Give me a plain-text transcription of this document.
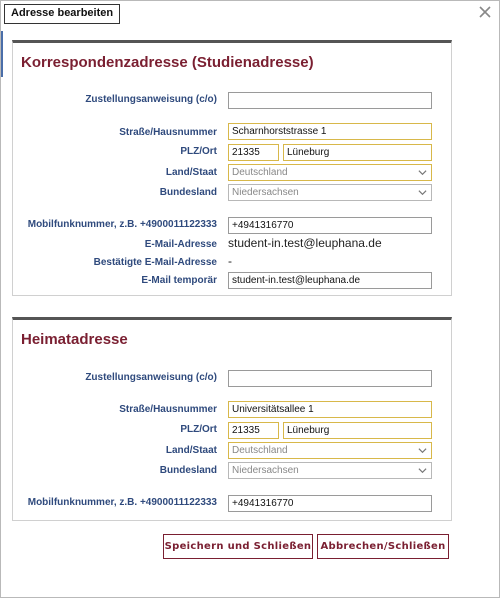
Adresse bearbeiten
Korrespondenzadresse (Studienadresse)
Zustellungsanweisung (c/o)
Straße/Hausnummer	Scharnhorststrasse 1
PLZ/Ort	21335	Lüneburg
Land/Staat	Deutschland
Bundesland	Niedersachsen
Mobilfunknummer, z.B. +4900011122333	+4941316770
E-Mail-Adresse student-in.test@leuphana.de
Bestätigte E-Mail-Adresse -
E-Mail temporär	student-in.test@leuphana.de
Heimatadresse
Zustellungsanweisung (c/o)
Straße/Hausnummer	Universitätsallee 1
PLZ/Ort	21335	Lüneburg
Land/Staat	Deutschland
Bundesland	Niedersachsen
Mobilfunknummer, z.B. +4900011122333	+4941316770
Speichern und Schließen Abbrechen/Schließen
